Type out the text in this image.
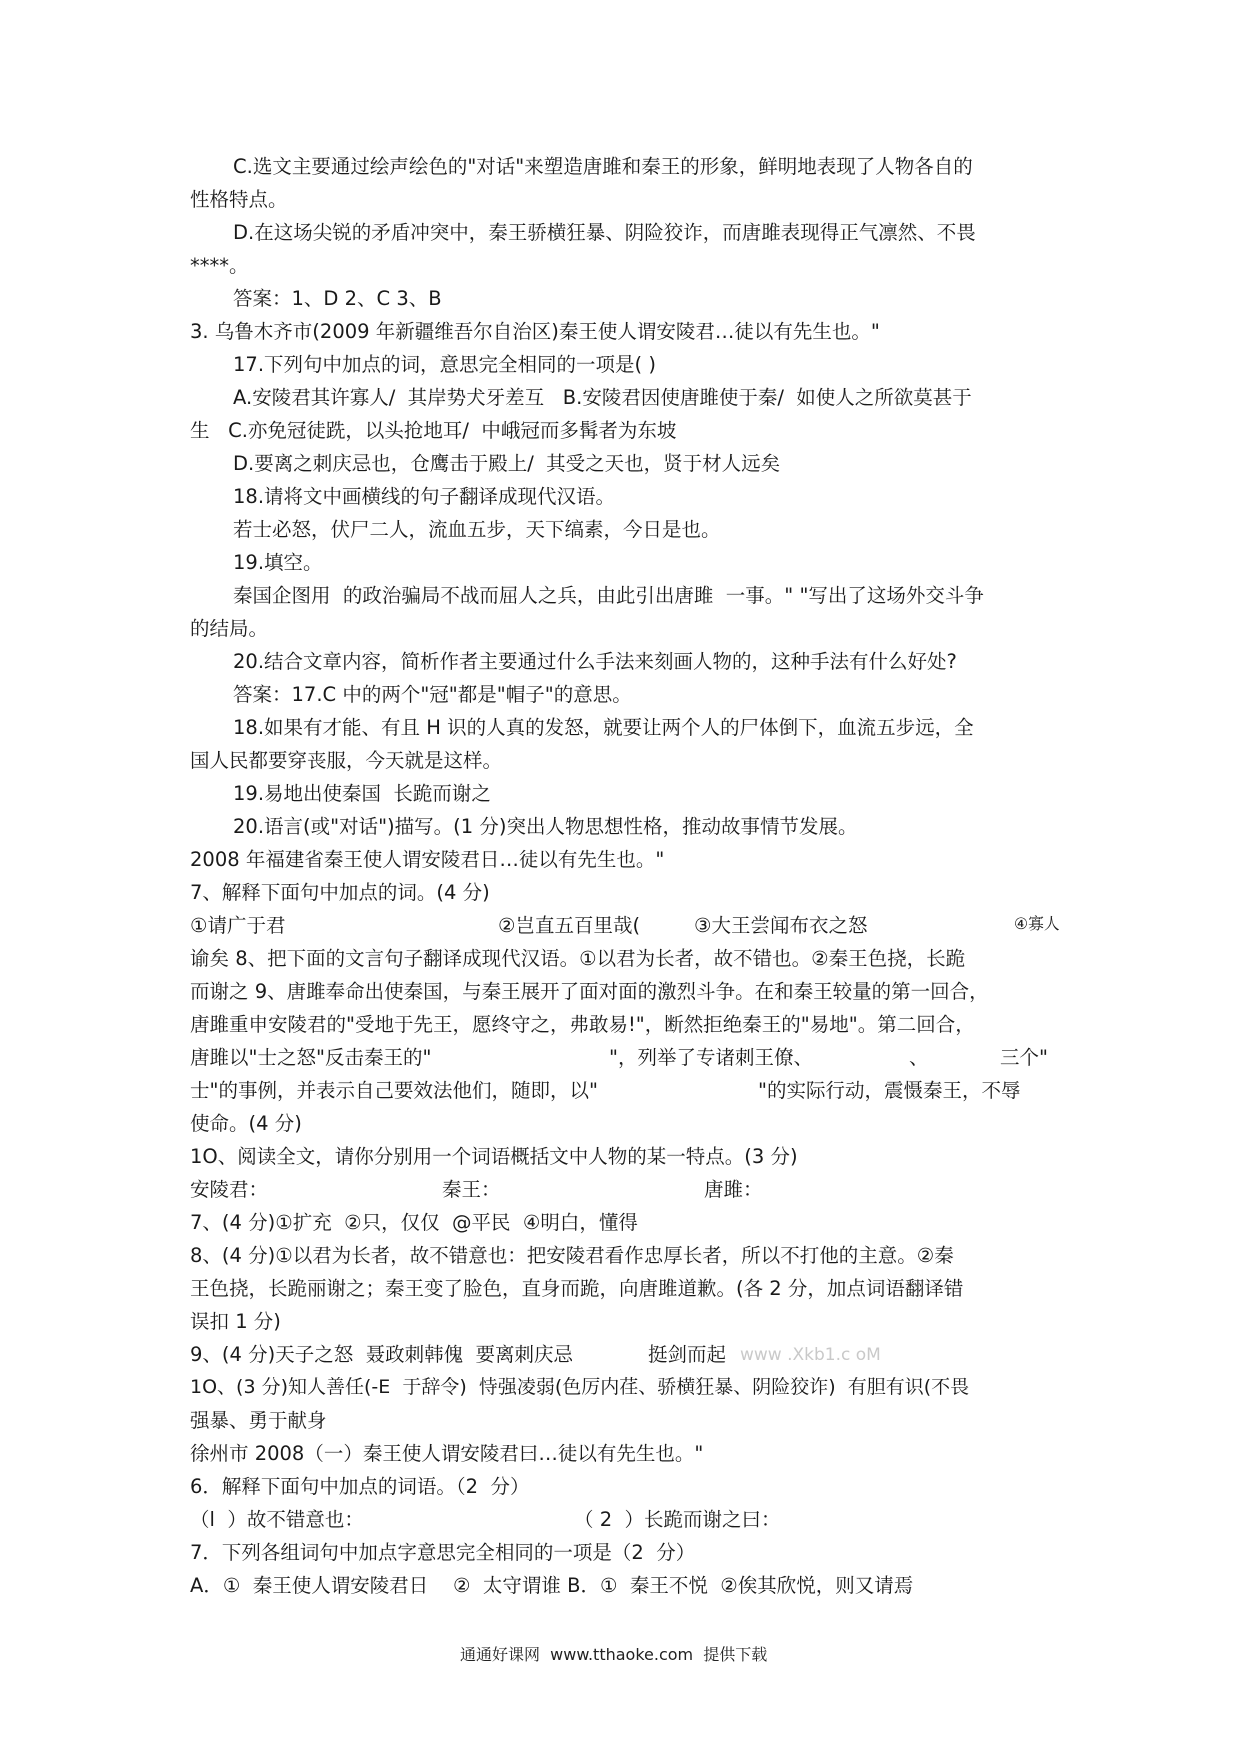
C.选文主要通过绘声绘色的"对话"来塑造唐雎和秦王的形象，鲜明地表现了人物各自的
性格特点。
D.在这场尖锐的矛盾冲突中，秦王骄横狂暴、阴险狡诈，而唐雎表现得正气凛然、不畏
****。
答案：1、D 2、C 3、B
3. 乌鲁木齐市(2009 年新疆维吾尔自治区)秦王使人谓安陵君…徒以有先生也。"
17.下列句中加点的词，意思完全相同的一项是( )
A.安陵君其许寡人/  其岸势犬牙差互   B.安陵君因使唐雎使于秦/  如使人之所欲莫甚于
生   C.亦免冠徒跣，以头抢地耳/  中峨冠而多髯者为东坡
D.要离之刺庆忌也，仓鹰击于殿上/  其受之天也，贤于材人远矣
18.请将文中画横线的句子翻译成现代汉语。
若士必怒，伏尸二人，流血五步，天下缟素，今日是也。
19.填空。
秦国企图用  的政治骗局不战而屈人之兵，由此引出唐雎  一事。" "写出了这场外交斗争
的结局。
20.结合文章内容，简析作者主要通过什么手法来刻画人物的，这种手法有什么好处?
答案：17.C 中的两个"冠"都是"帽子"的意思。
18.如果有才能、有且 H 识的人真的发怒，就要让两个人的尸体倒下，血流五步远，全
国人民都要穿丧服，今天就是这样。
19.易地出使秦国  长跪而谢之
20.语言(或"对话")描写。(1 分)突出人物思想性格，推动故事情节发展。
2008 年福建省秦王使人谓安陵君日…徒以有先生也。"
7、解释下面句中加点的词。(4 分)
①请广于君	②岂直五百里哉(	③大王尝闻布衣之怒	④寡人
谕矣 8、把下面的文言句子翻译成现代汉语。①以君为长者，故不错也。②秦王色挠，长跪
而谢之 9、唐雎奉命出使秦国，与秦王展开了面对面的激烈斗争。在和秦王较量的第一回合，
唐雎重申安陵君的"受地于先王，愿终守之，弗敢易!"，断然拒绝秦王的"易地"。第二回合，
唐雎以"士之怒"反击秦王的"	"，列举了专诸刺王僚、	、	三个"
士"的事例，并表示自己要效法他们，随即，以"	"的实际行动，震慑秦王，不辱
使命。(4 分)
1O、阅读全文，请你分别用一个词语概括文中人物的某一特点。(3 分)
安陵君：	秦王：	唐雎：
7、(4 分)①扩充  ②只，仅仅  @平民  ④明白，懂得
8、(4 分)①以君为长者，故不错意也：把安陵君看作忠厚长者，所以不打他的主意。②秦
王色挠，长跪丽谢之；秦王变了脸色，直身而跪，向唐雎道歉。(各 2 分，加点词语翻译错
误扣 1 分)
9、(4 分)天子之怒  聂政刺韩傀  要离刺庆忌	挺剑而起 www .Xkb1.c oM
1O、(3 分)知人善任(-E  于辞令)  恃强凌弱(色厉内荏、骄横狂暴、阴险狡诈)  有胆有识(不畏
强暴、勇于献身
徐州市 2008（一）秦王使人谓安陵君曰…徒以有先生也。"
6．解释下面句中加点的词语。（2  分）
（l  ）故不错意也：	（ 2  ）长跪而谢之曰：
7．下列各组词句中加点字意思完全相同的一项是（2  分）
A．①  秦王使人谓安陵君日    ②  太守谓谁 B．①  秦王不悦  ②俟其欣悦，则又请焉
通通好课网  www.tthaoke.com  提供下载
